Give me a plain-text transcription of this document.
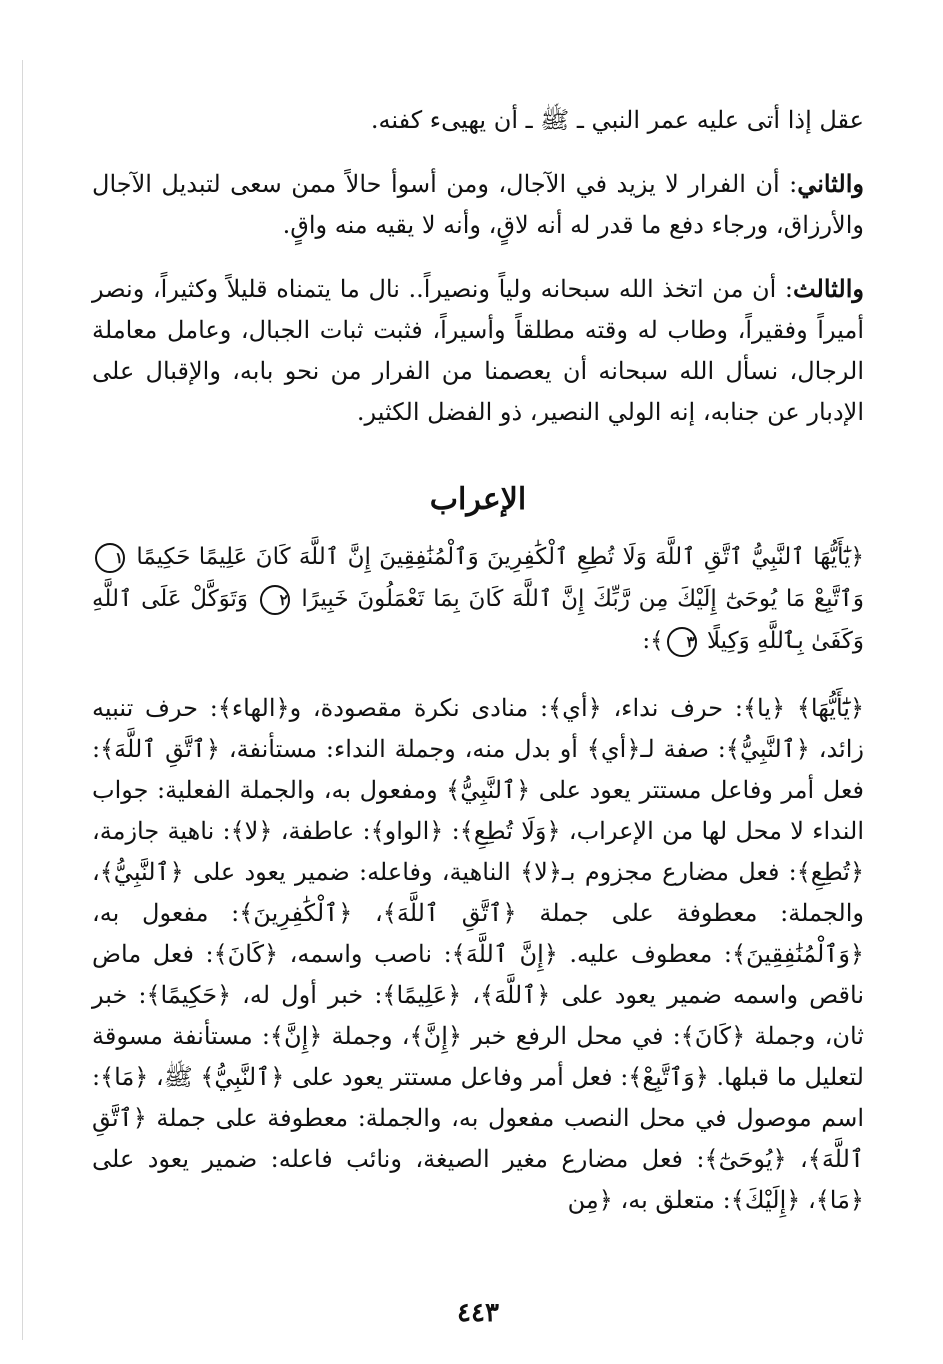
عقل إذا أتى عليه عمر النبي ـ ﷺ ـ أن يهيىء كفنه.

والثاني: أن الفرار لا يزيد في الآجال، ومن أسوأ حالاً ممن سعى لتبديل الآجال والأرزاق، ورجاء دفع ما قدر له أنه لاقٍ، وأنه لا يقيه منه واقٍ.

والثالث: أن من اتخذ الله سبحانه ولياً ونصيراً.. نال ما يتمناه قليلاً وكثيراً، ونصر أميراً وفقيراً، وطاب له وقته مطلقاً وأسيراً، فثبت ثبات الجبال، وعامل معاملة الرجال، نسأل الله سبحانه أن يعصمنا من الفرار من نحو بابه، والإقبال على الإدبار عن جنابه، إنه الولي النصير، ذو الفضل الكثير.

الإعراب

﴿يَٰٓأَيُّهَا ٱلنَّبِيُّ ٱتَّقِ ٱللَّهَ وَلَا تُطِعِ ٱلْكَٰفِرِينَ وَٱلْمُنَٰفِقِينَ إِنَّ ٱللَّهَ كَانَ عَلِيمًا حَكِيمًا ١ وَٱتَّبِعْ مَا يُوحَىٰٓ إِلَيْكَ مِن رَّبِّكَ إِنَّ ٱللَّهَ كَانَ بِمَا تَعْمَلُونَ خَبِيرًا ٢ وَتَوَكَّلْ عَلَى ٱللَّهِ وَكَفَىٰ بِٱللَّهِ وَكِيلًا ٣﴾:

﴿يَٰٓأَيُّهَا﴾ ﴿يا﴾: حرف نداء، ﴿أي﴾: منادى نكرة مقصودة، و﴿الهاء﴾: حرف تنبيه زائد، ﴿ٱلنَّبِيُّ﴾: صفة لـ﴿أي﴾ أو بدل منه، وجملة النداء: مستأنفة، ﴿ٱتَّقِ ٱللَّهَ﴾: فعل أمر وفاعل مستتر يعود على ﴿ٱلنَّبِيُّ﴾ ومفعول به، والجملة الفعلية: جواب النداء لا محل لها من الإعراب، ﴿وَلَا تُطِعِ﴾: ﴿الواو﴾: عاطفة، ﴿لا﴾: ناهية جازمة، ﴿تُطِعِ﴾: فعل مضارع مجزوم بـ﴿لا﴾ الناهية، وفاعله: ضمير يعود على ﴿ٱلنَّبِيُّ﴾، والجملة: معطوفة على جملة ﴿ٱتَّقِ ٱللَّهَ﴾، ﴿ٱلْكَٰفِرِينَ﴾: مفعول به، ﴿وَٱلْمُنَٰفِقِينَ﴾: معطوف عليه. ﴿إِنَّ ٱللَّهَ﴾: ناصب واسمه، ﴿كَانَ﴾: فعل ماض ناقص واسمه ضمير يعود على ﴿ٱللَّهَ﴾، ﴿عَلِيمًا﴾: خبر أول له، ﴿حَكِيمًا﴾: خبر ثان، وجملة ﴿كَانَ﴾: في محل الرفع خبر ﴿إِنَّ﴾، وجملة ﴿إِنَّ﴾: مستأنفة مسوقة لتعليل ما قبلها. ﴿وَٱتَّبِعْ﴾: فعل أمر وفاعل مستتر يعود على ﴿ٱلنَّبِيُّ﴾ ﷺ، ﴿مَا﴾: اسم موصول في محل النصب مفعول به، والجملة: معطوفة على جملة ﴿ٱتَّقِ ٱللَّهَ﴾، ﴿يُوحَىٰٓ﴾: فعل مضارع مغير الصيغة، ونائب فاعله: ضمير يعود على ﴿مَا﴾، ﴿إِلَيْكَ﴾: متعلق به، ﴿مِن

٤٤٣
